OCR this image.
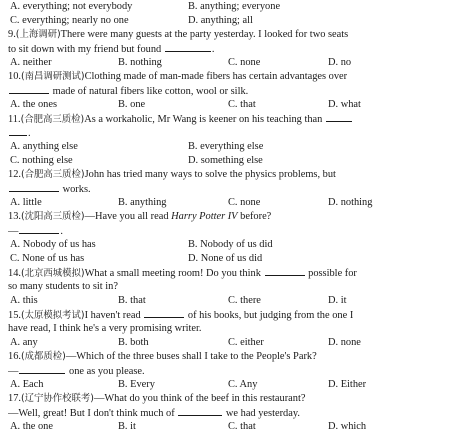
A. everything; not everybody	B. anything; everyone
C. everything; nearly no one	D. anything; all
9.(上海调研)There were many guests at the party yesterday. I looked for two seats
to sit down with my friend but found	.
A. neither	B. nothing	C. none	D. no
10.(南昌调研测试)Clothing made of man-made fibers has certain advantages over
made of natural fibers like cotton, wool or silk.
A. the ones	B. one	C. that	D. what
11.(合肥高三质检)As a workaholic, Mr Wang is keener on his teaching than
.
A. anything else	B. everything else
C. nothing else	D. something else
12.(合肥高三质检)John has tried many ways to solve the physics problems, but
works.
A. little	B. anything	C. none	D. nothing
13.(沈阳高三质检)—Have you all read Harry Potter IV before?
—	.
A. Nobody of us has	B. Nobody of us did
C. None of us has	D. None of us did
14.(北京西城模拟)What a small meeting room! Do you think	possible for
so many students to sit in?
A. this	B. that	C. there	D. it
15.(太原模拟考试)I haven't read	of his books, but judging from the one I
have read, I think he's a very promising writer.
A. any	B. both	C. either	D. none
16.(成都质检)—Which of the three buses shall I take to the People's Park?
—	one as you please.
A. Each	B. Every	C. Any	D. Either
17.(辽宁协作校联考)—What do you think of the beef in this restaurant?
—Well, great! But I don't think much of	we had yesterday.
A. the one	B. it	C. that	D. which
